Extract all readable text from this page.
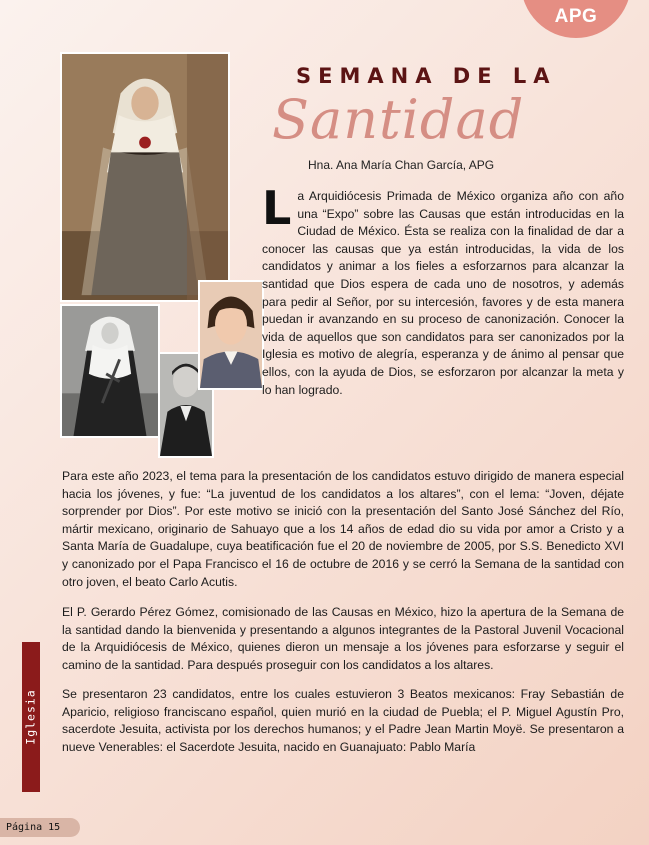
APG
SEMANA DE LA
Santidad
Hna. Ana María Chan García, APG

L a Arquidiócesis Primada de México organiza año con año una “Expo” sobre las Causas que están introducidas en la Ciudad de México. Ésta se realiza con la finalidad de dar a conocer las causas que ya están introducidas, la vida de los candidatos y animar a los fieles a esforzarnos para alcanzar la santidad que Dios espera de cada uno de nosotros, y además para pedir al Señor, por su intercesión, favores y de esta manera puedan ir avanzando en su proceso de canonización. Conocer la vida de aquellos que son candidatos para ser canonizados por la Iglesia es motivo de alegría, esperanza y de ánimo al pensar que ellos, con la ayuda de Dios, se esforzaron por alcanzar la meta y lo han logrado.

Para este año 2023, el tema para la presentación de los candidatos estuvo dirigido de manera especial hacia los jóvenes, y fue: “La juventud de los candidatos a los altares”, con el lema: “Joven, déjate sorprender por Dios”. Por este motivo se inició con la presentación del Santo José Sánchez del Río, mártir mexicano, originario de Sahuayo que a los 14 años de edad dio su vida por amor a Cristo y a Santa María de Guadalupe, cuya beatificación fue el 20 de noviembre de 2005, por S.S. Benedicto XVI y canonizado por el Papa Francisco el 16 de octubre de 2016 y se cerró la Semana de la santidad con otro joven, el beato Carlo Acutis.

El P. Gerardo Pérez Gómez, comisionado de las Causas en México, hizo la apertura de la Semana de la santidad dando la bienvenida y presentando a algunos integrantes de la Pastoral Juvenil Vocacional de la Arquidiócesis de México, quienes dieron un mensaje a los jóvenes para esforzarse y seguir el camino de la santidad. Para después proseguir con los candidatos a los altares.

Se presentaron 23 candidatos, entre los cuales estuvieron 3 Beatos mexicanos: Fray Sebastián de Aparicio, religioso franciscano español, quien murió en la ciudad de Puebla; el P. Miguel Agustín Pro, sacerdote Jesuita, activista por los derechos humanos; y el Padre Jean Martin Moyë. Se presentaron a nueve Venerables: el Sacerdote Jesuita, nacido en Guanajuato: Pablo María

Iglesia
Página 15
